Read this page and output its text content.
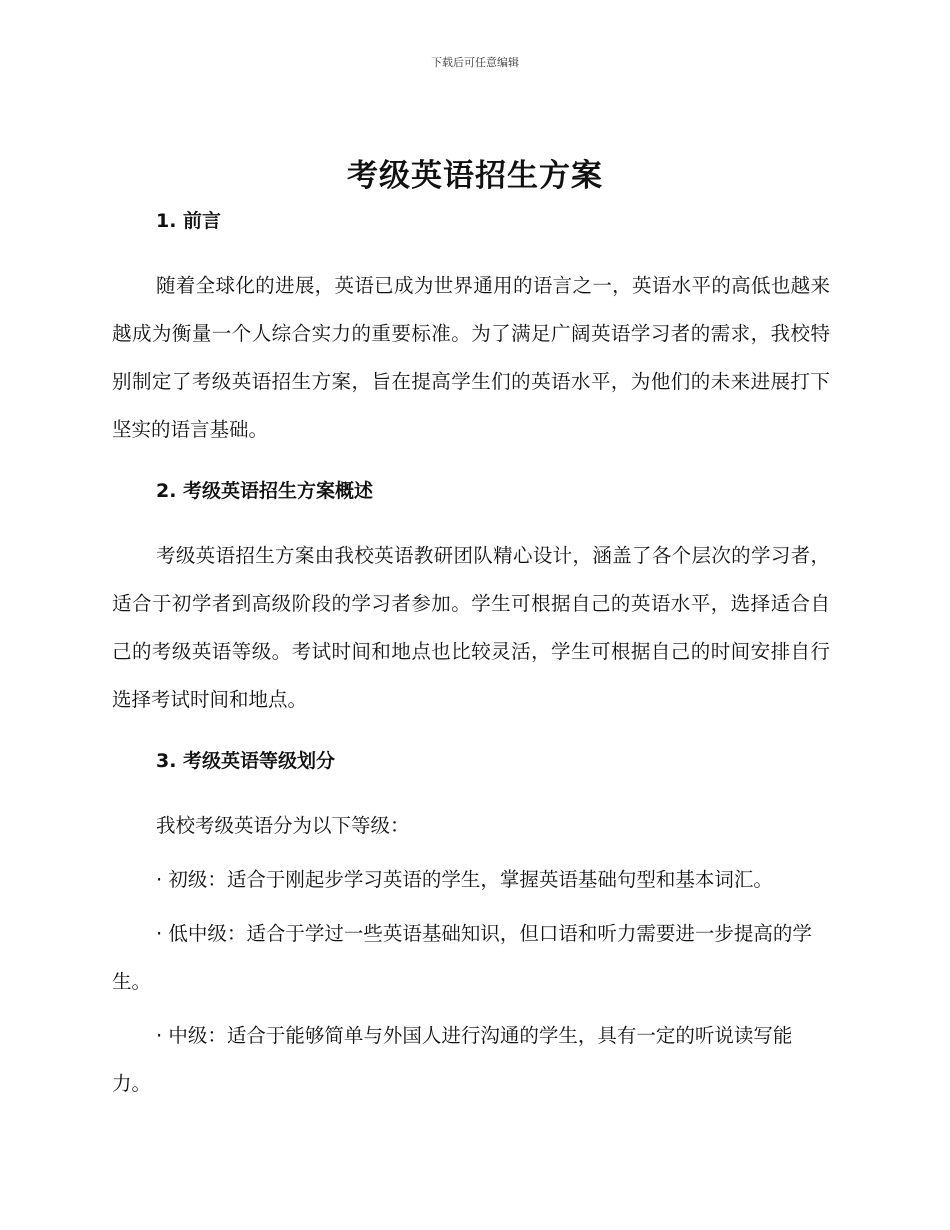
下载后可任意编辑
考级英语招生方案
1. 前言

随着全球化的进展，英语已成为世界通用的语言之一，英语水平的高低也越来越成为衡量一个人综合实力的重要标准。为了满足广阔英语学习者的需求，我校特别制定了考级英语招生方案，旨在提高学生们的英语水平，为他们的未来进展打下坚实的语言基础。

2. 考级英语招生方案概述

考级英语招生方案由我校英语教研团队精心设计，涵盖了各个层次的学习者，适合于初学者到高级阶段的学习者参加。学生可根据自己的英语水平，选择适合自己的考级英语等级。考试时间和地点也比较灵活，学生可根据自己的时间安排自行选择考试时间和地点。

3. 考级英语等级划分

我校考级英语分为以下等级：

· 初级：适合于刚起步学习英语的学生，掌握英语基础句型和基本词汇。

· 低中级：适合于学过一些英语基础知识，但口语和听力需要进一步提高的学生。

· 中级：适合于能够简单与外国人进行沟通的学生，具有一定的听说读写能力。
